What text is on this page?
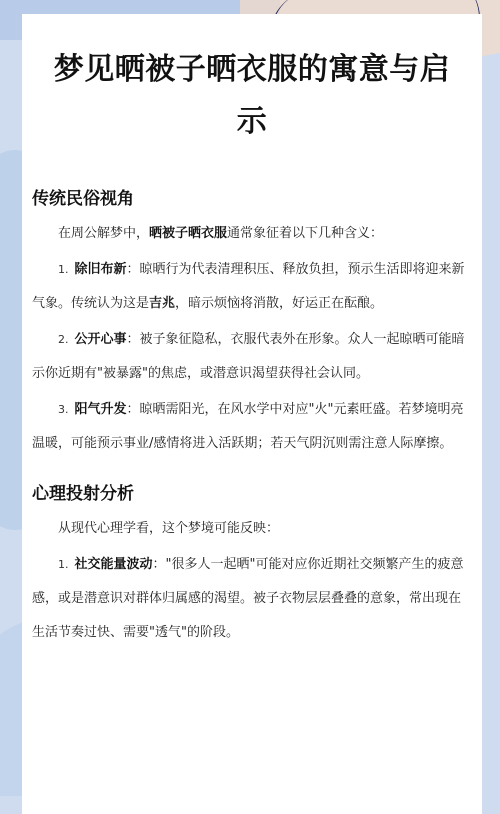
梦见晒被子晒衣服的寓意与启示
传统民俗视角

在周公解梦中，晒被子晒衣服通常象征着以下几种含义：

1. 除旧布新：晾晒行为代表清理积压、释放负担，预示生活即将迎来新气象。传统认为这是吉兆，暗示烦恼将消散，好运正在酝酿。

2. 公开心事：被子象征隐私，衣服代表外在形象。众人一起晾晒可能暗示你近期有"被暴露"的焦虑，或潜意识渴望获得社会认同。

3. 阳气升发：晾晒需阳光，在风水学中对应"火"元素旺盛。若梦境明亮温暖，可能预示事业/感情将进入活跃期；若天气阴沉则需注意人际摩擦。

心理投射分析

从现代心理学看，这个梦境可能反映：

1. 社交能量波动："很多人一起晒"可能对应你近期社交频繁产生的疲意感，或是潜意识对群体归属感的渴望。被子衣物层层叠叠的意象，常出现在生活节奏过快、需要"透气"的阶段。
